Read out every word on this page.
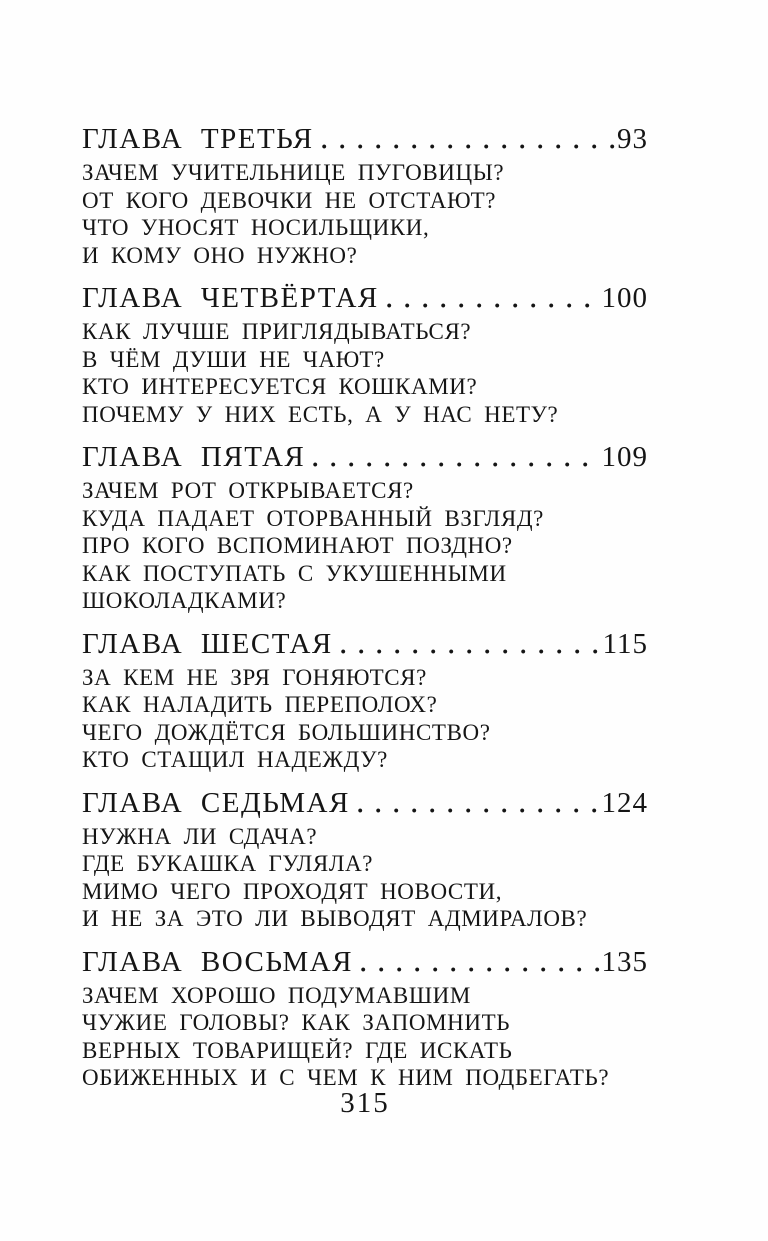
ГЛАВА ТРЕТЬЯ	93
ЗАЧЕМ УЧИТЕЛЬНИЦЕ ПУГОВИЦЫ?
ОТ КОГО ДЕВОЧКИ НЕ ОТСТАЮТ?
ЧТО УНОСЯТ НОСИЛЬЩИКИ,
И КОМУ ОНО НУЖНО?
ГЛАВА ЧЕТВЁРТАЯ	100
КАК ЛУЧШЕ ПРИГЛЯДЫВАТЬСЯ?
В ЧЁМ ДУШИ НЕ ЧАЮТ?
КТО ИНТЕРЕСУЕТСЯ КОШКАМИ?
ПОЧЕМУ У НИХ ЕСТЬ, А У НАС НЕТУ?
ГЛАВА ПЯТАЯ	109
ЗАЧЕМ РОТ ОТКРЫВАЕТСЯ?
КУДА ПАДАЕТ ОТОРВАННЫЙ ВЗГЛЯД?
ПРО КОГО ВСПОМИНАЮТ ПОЗДНО?
КАК ПОСТУПАТЬ С УКУШЕННЫМИ
ШОКОЛАДКАМИ?
ГЛАВА ШЕСТАЯ	115
ЗА КЕМ НЕ ЗРЯ ГОНЯЮТСЯ?
КАК НАЛАДИТЬ ПЕРЕПОЛОХ?
ЧЕГО ДОЖДЁТСЯ БОЛЬШИНСТВО?
КТО СТАЩИЛ НАДЕЖДУ?
ГЛАВА СЕДЬМАЯ	124
НУЖНА ЛИ СДАЧА?
ГДЕ БУКАШКА ГУЛЯЛА?
МИМО ЧЕГО ПРОХОДЯТ НОВОСТИ,
И НЕ ЗА ЭТО ЛИ ВЫВОДЯТ АДМИРАЛОВ?
ГЛАВА ВОСЬМАЯ	135
ЗАЧЕМ ХОРОШО ПОДУМАВШИМ
ЧУЖИЕ ГОЛОВЫ? КАК ЗАПОМНИТЬ
ВЕРНЫХ ТОВАРИЩЕЙ? ГДЕ ИСКАТЬ
ОБИЖЕННЫХ И С ЧЕМ К НИМ ПОДБЕГАТЬ?
315
